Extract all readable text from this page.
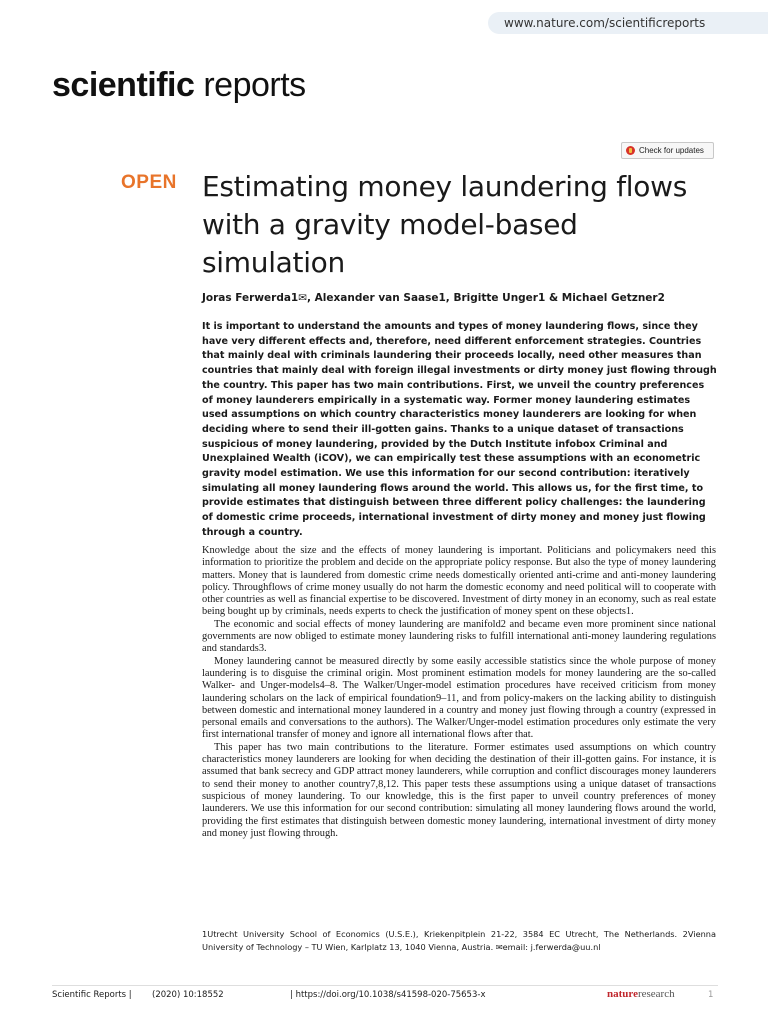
www.nature.com/scientificreports
scientific reports
Check for updates
OPEN Estimating money laundering flows with a gravity model-based simulation
Joras Ferwerda1✉, Alexander van Saase1, Brigitte Unger1 & Michael Getzner2

It is important to understand the amounts and types of money laundering flows, since they have very different effects and, therefore, need different enforcement strategies. Countries that mainly deal with criminals laundering their proceeds locally, need other measures than countries that mainly deal with foreign illegal investments or dirty money just flowing through the country. This paper has two main contributions. First, we unveil the country preferences of money launderers empirically in a systematic way. Former money laundering estimates used assumptions on which country characteristics money launderers are looking for when deciding where to send their ill-gotten gains. Thanks to a unique dataset of transactions suspicious of money laundering, provided by the Dutch Institute infobox Criminal and Unexplained Wealth (iCOV), we can empirically test these assumptions with an econometric gravity model estimation. We use this information for our second contribution: iteratively simulating all money laundering flows around the world. This allows us, for the first time, to provide estimates that distinguish between three different policy challenges: the laundering of domestic crime proceeds, international investment of dirty money and money just flowing through a country.

Knowledge about the size and the effects of money laundering is important. Politicians and policymakers need this information to prioritize the problem and decide on the appropriate policy response. But also the type of money laundering matters. Money that is laundered from domestic crime needs domestically oriented anti-crime and anti-money laundering policy. Throughflows of crime money usually do not harm the domestic economy and need political will to cooperate with other countries as well as financial expertise to be discovered. Investment of dirty money in an economy, such as real estate being bought up by criminals, needs experts to check the justification of money spent on these objects1.

The economic and social effects of money laundering are manifold2 and became even more prominent since national governments are now obliged to estimate money laundering risks to fulfill international anti-money laundering regulations and standards3.

Money laundering cannot be measured directly by some easily accessible statistics since the whole purpose of money laundering is to disguise the criminal origin. Most prominent estimation models for money laundering are the so-called Walker- and Unger-models4–8. The Walker/Unger-model estimation procedures have received criticism from money laundering scholars on the lack of empirical foundation9–11, and from policy-makers on the lacking ability to distinguish between domestic and international money laundered in a country and money just flowing through a country (expressed in personal emails and conversations to the authors). The Walker/Unger-model estimation procedures only estimate the very first international transfer of money and ignore all international flows after that.

This paper has two main contributions to the literature. Former estimates used assumptions on which country characteristics money launderers are looking for when deciding the destination of their ill-gotten gains. For instance, it is assumed that bank secrecy and GDP attract money launderers, while corruption and conflict discourages money launderers to send their money to another country7,8,12. This paper tests these assumptions using a unique dataset of transactions suspicious of money laundering. To our knowledge, this is the first paper to unveil country preferences of money launderers. We use this information for our second contribution: simulating all money laundering flows around the world, providing the first estimates that distinguish between domestic money laundering, international investment of dirty money and money just flowing through.

1Utrecht University School of Economics (U.S.E.), Kriekenpitplein 21-22, 3584 EC Utrecht, The Netherlands. 2Vienna University of Technology – TU Wien, Karlplatz 13, 1040 Vienna, Austria. ✉email: j.ferwerda@uu.nl

Scientific Reports | (2020) 10:18552	| https://doi.org/10.1038/s41598-020-75653-x	natureresearch	1
